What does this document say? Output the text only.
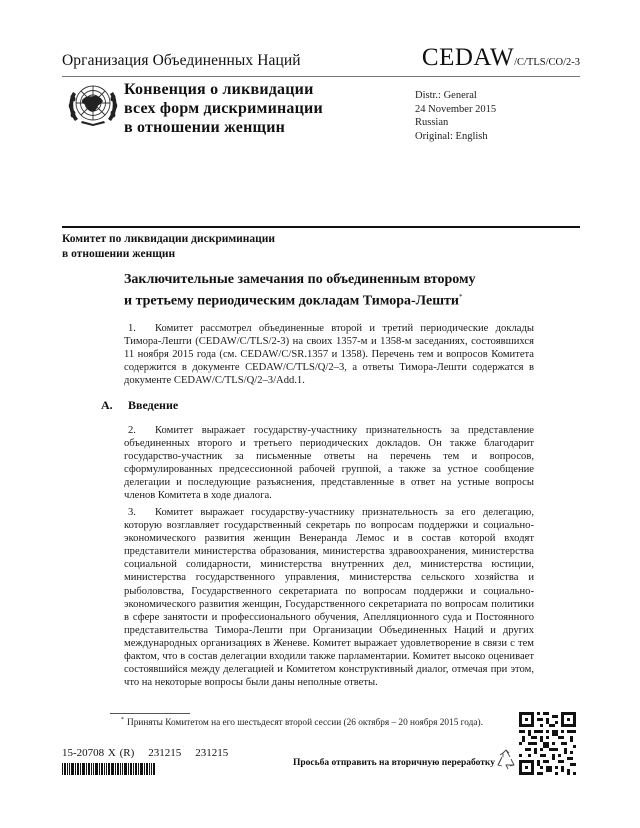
Организация Объединенных Наций	CEDAW/C/TLS/CO/2-3
Конвенция о ликвидации
всех форм дискриминации
в отношении женщин
Distr.: General
24 November 2015
Russian
Original: English
Комитет по ликвидации дискриминации
в отношении женщин
Заключительные замечания по объединенным второму
и третьему периодическим докладам Тимора-Лешти*
1. Комитет рассмотрел объединенные второй и третий периодические доклады Тимора-Лешти (CEDAW/C/TLS/2-3) на своих 1357-м и 1358-м заседаниях, состоявшихся 11 ноября 2015 года (см. CEDAW/C/SR.1357 и 1358). Перечень тем и вопросов Комитета содержится в документе CEDAW/C/TLS/Q/2–3, а ответы Тимора-Лешти содержатся в документе CEDAW/C/TLS/Q/2–3/Add.1.
A. Введение
2. Комитет выражает государству-участнику признательность за представление объединенных второго и третьего периодических докладов. Он также благодарит государство-участник за письменные ответы на перечень тем и вопросов, сформулированных предсессионной рабочей группой, а также за устное сообщение делегации и последующие разъяснения, представленные в ответ на устные вопросы членов Комитета в ходе диалога.
3. Комитет выражает государству-участнику признательность за его делегацию, которую возглавляет государственный секретарь по вопросам поддержки и социально-экономического развития женщин Венеранда Лемос и в состав которой входят представители министерства образования, министерства здравоохранения, министерства социальной солидарности, министерства внутренних дел, министерства юстиции, министерства государственного управления, министерства сельского хозяйства и рыболовства, Государственного секретариата по вопросам поддержки и социально-экономического развития женщин, Государственного секретариата по вопросам политики в сфере занятости и профессионального обучения, Апелляционного суда и Постоянного представительства Тимора-Лешти при Организации Объединенных Наций и других международных организациях в Женеве. Комитет выражает удовлетворение в связи с тем фактом, что в состав делегации входили также парламентарии. Комитет высоко оценивает состоявшийся между делегацией и Комитетом конструктивный диалог, отмечая при этом, что на некоторые вопросы были даны неполные ответы.
* Приняты Комитетом на его шестьдесят второй сессии (26 октября – 20 ноября 2015 года).
15-20708 X (R) 231215 231215
Просьба отправить на вторичную переработку
